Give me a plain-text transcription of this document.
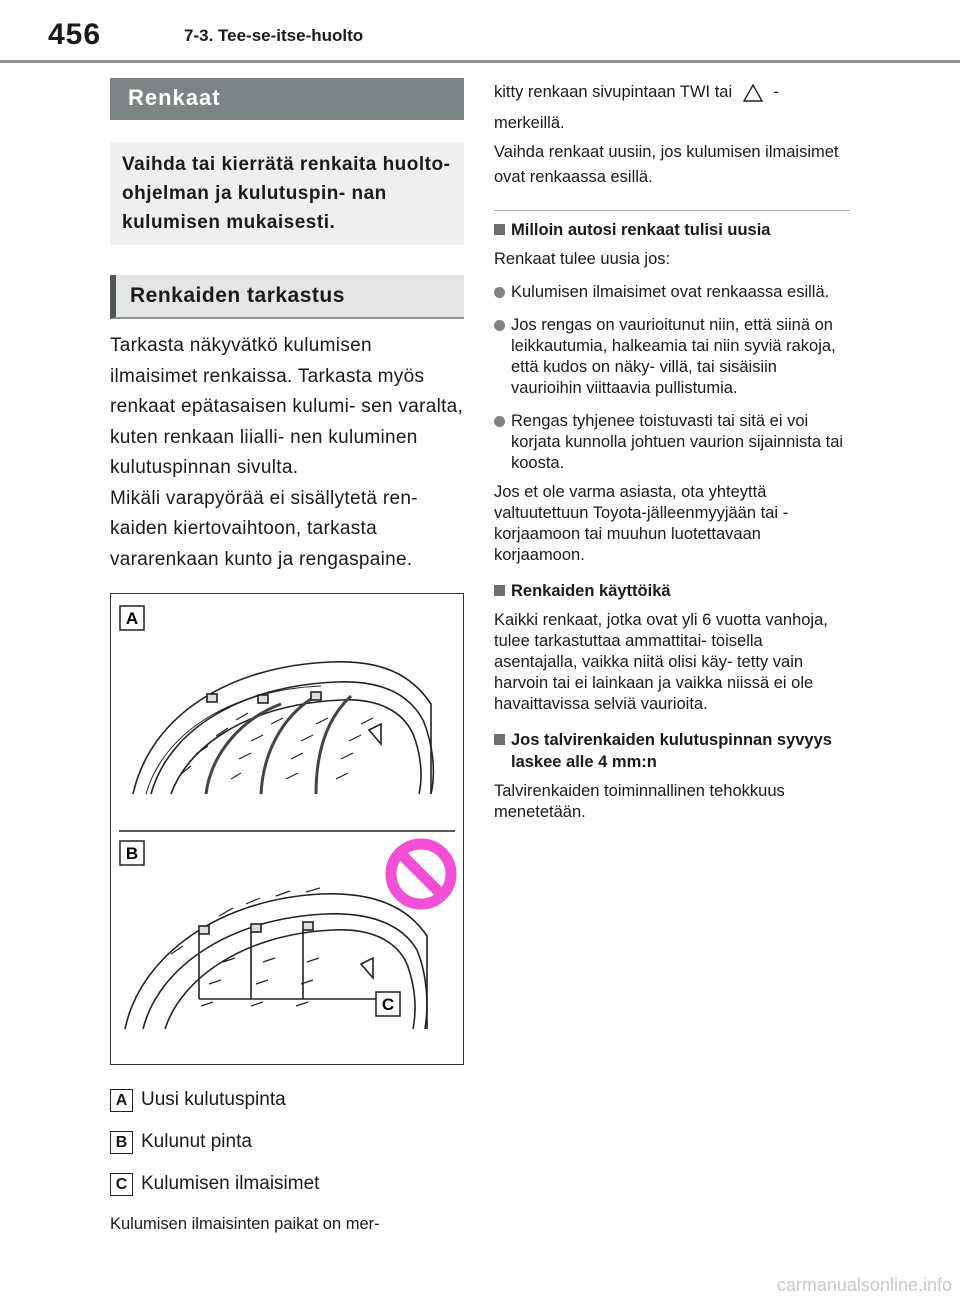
456	7-3. Tee-se-itse-huolto
Renkaat
Vaihda tai kierrätä renkaita huolto-ohjelman ja kulutuspin- nan kulumisen mukaisesti.
Renkaiden tarkastus

Tarkasta näkyvätkö kulumisen ilmaisimet renkaissa. Tarkasta myös renkaat epätasaisen kulumi- sen varalta, kuten renkaan liialli- nen kuluminen kulutuspinnan sivulta.

Mikäli varapyörää ei sisällytetä ren- kaiden kiertovaihtoon, tarkasta vararenkaan kunto ja rengaspaine.

A
B
C
A Uusi kulutuspinta
B Kulunut pinta
C Kulumisen ilmaisimet
Kulumisen ilmaisinten paikat on mer-

kitty renkaan sivupintaan TWI tai -

merkeillä.

Vaihda renkaat uusiin, jos kulumisen ilmaisimet ovat renkaassa esillä.

Milloin autosi renkaat tulisi uusia
Renkaat tulee uusia jos:
Kulumisen ilmaisimet ovat renkaassa esillä.
Jos rengas on vaurioitunut niin, että siinä on leikkautumia, halkeamia tai niin syviä rakoja, että kudos on näky- villä, tai sisäisiin vaurioihin viittaavia pullistumia.
Rengas tyhjenee toistuvasti tai sitä ei voi korjata kunnolla johtuen vaurion sijainnista tai koosta.
Jos et ole varma asiasta, ota yhteyttä valtuutettuun Toyota-jälleenmyyjään tai -korjaamoon tai muuhun luotettavaan korjaamoon.
Renkaiden käyttöikä
Kaikki renkaat, jotka ovat yli 6 vuotta vanhoja, tulee tarkastuttaa ammattitai- toisella asentajalla, vaikka niitä olisi käy- tetty vain harvoin tai ei lainkaan ja vaikka niissä ei ole havaittavissa selviä vaurioita.
Jos talvirenkaiden kulutuspinnan syvyys laskee alle 4 mm:n
Talvirenkaiden toiminnallinen tehokkuus menetetään.
carmanualsonline.info
